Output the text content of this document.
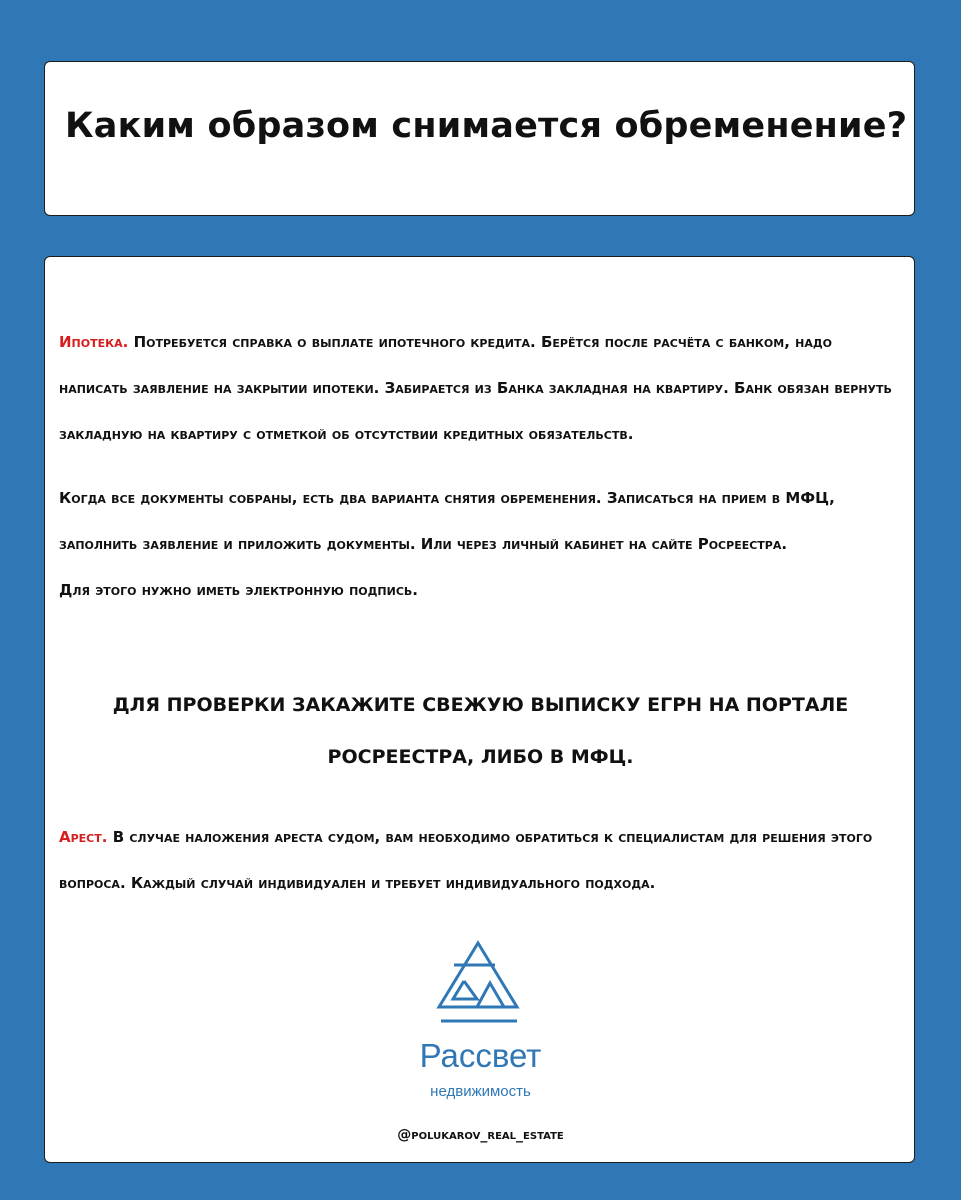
Каким образом снимается обременение?

Ипотека. Потребуется справка о выплате ипотечного кредита. Берётся после расчёта с банком, надо написать заявление на закрытии ипотеки. Забирается из Банка закладная на квартиру. Банк обязан вернуть закладную на квартиру с отметкой об отсутствии кредитных обязательств.

Когда все документы собраны, есть два варианта снятия обременения. Записаться на прием в МФЦ, заполнить заявление и приложить документы. Или через личный кабинет на сайте Росреестра.
Для этого нужно иметь электронную подпись.
ДЛЯ ПРОВЕРКИ ЗАКАЖИТЕ СВЕЖУЮ ВЫПИСКУ ЕГРН НА ПОРТАЛЕ
РОСРЕЕСТРА, ЛИБО В МФЦ.

Арест. В случае наложения ареста судом, вам необходимо обратиться к специалистам для решения этого вопроса. Каждый случай индивидуален и требует индивидуального подхода.

Рассвет
недвижимость
@polukarov_real_estate
